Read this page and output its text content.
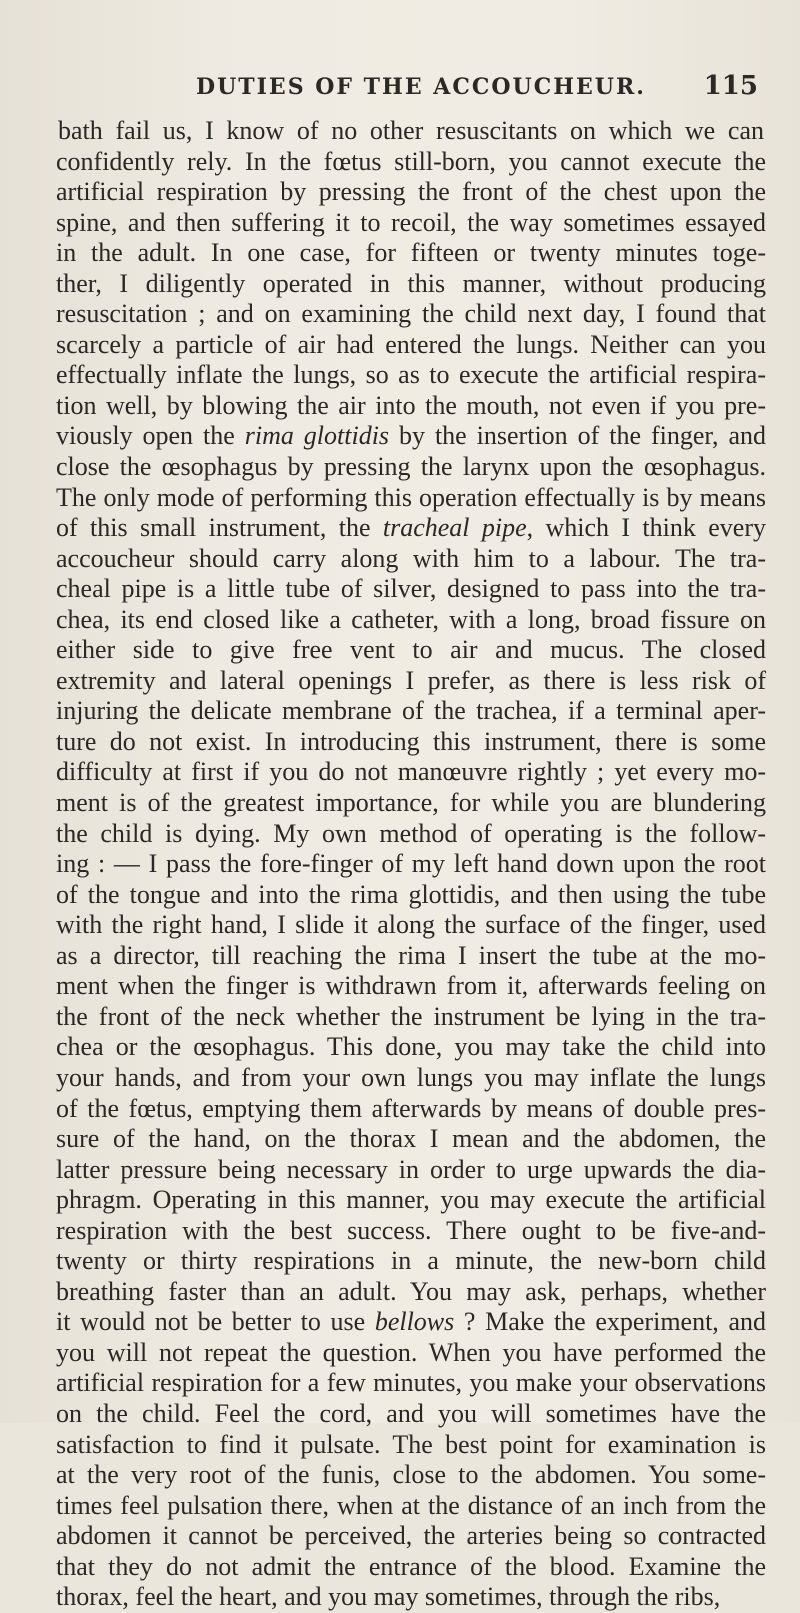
DUTIES OF THE ACCOUCHEUR. 115
bath fail us, I know of no other resuscitants on which we can
confidently rely. In the fœtus still-born, you cannot execute the
artificial respiration by pressing the front of the chest upon the
spine, and then suffering it to recoil, the way sometimes essayed
in the adult. In one case, for fifteen or twenty minutes toge-
ther, I diligently operated in this manner, without producing
resuscitation ; and on examining the child next day, I found that
scarcely a particle of air had entered the lungs. Neither can you
effectually inflate the lungs, so as to execute the artificial respira-
tion well, by blowing the air into the mouth, not even if you pre-
viously open the rima glottidis by the insertion of the finger, and
close the œsophagus by pressing the larynx upon the œsophagus.
The only mode of performing this operation effectually is by means
of this small instrument, the tracheal pipe, which I think every
accoucheur should carry along with him to a labour. The tra-
cheal pipe is a little tube of silver, designed to pass into the tra-
chea, its end closed like a catheter, with a long, broad fissure on
either side to give free vent to air and mucus. The closed
extremity and lateral openings I prefer, as there is less risk of
injuring the delicate membrane of the trachea, if a terminal aper-
ture do not exist. In introducing this instrument, there is some
difficulty at first if you do not manœuvre rightly ; yet every mo-
ment is of the greatest importance, for while you are blundering
the child is dying. My own method of operating is the follow-
ing : — I pass the fore-finger of my left hand down upon the root
of the tongue and into the rima glottidis, and then using the tube
with the right hand, I slide it along the surface of the finger, used
as a director, till reaching the rima I insert the tube at the mo-
ment when the finger is withdrawn from it, afterwards feeling on
the front of the neck whether the instrument be lying in the tra-
chea or the œsophagus. This done, you may take the child into
your hands, and from your own lungs you may inflate the lungs
of the fœtus, emptying them afterwards by means of double pres-
sure of the hand, on the thorax I mean and the abdomen, the
latter pressure being necessary in order to urge upwards the dia-
phragm. Operating in this manner, you may execute the artificial
respiration with the best success. There ought to be five-and-
twenty or thirty respirations in a minute, the new-born child
breathing faster than an adult. You may ask, perhaps, whether
it would not be better to use bellows ? Make the experiment, and
you will not repeat the question. When you have performed the
artificial respiration for a few minutes, you make your observations
on the child. Feel the cord, and you will sometimes have the
satisfaction to find it pulsate. The best point for examination is
at the very root of the funis, close to the abdomen. You some-
times feel pulsation there, when at the distance of an inch from the
abdomen it cannot be perceived, the arteries being so contracted
that they do not admit the entrance of the blood. Examine the
thorax, feel the heart, and you may sometimes, through the ribs,
